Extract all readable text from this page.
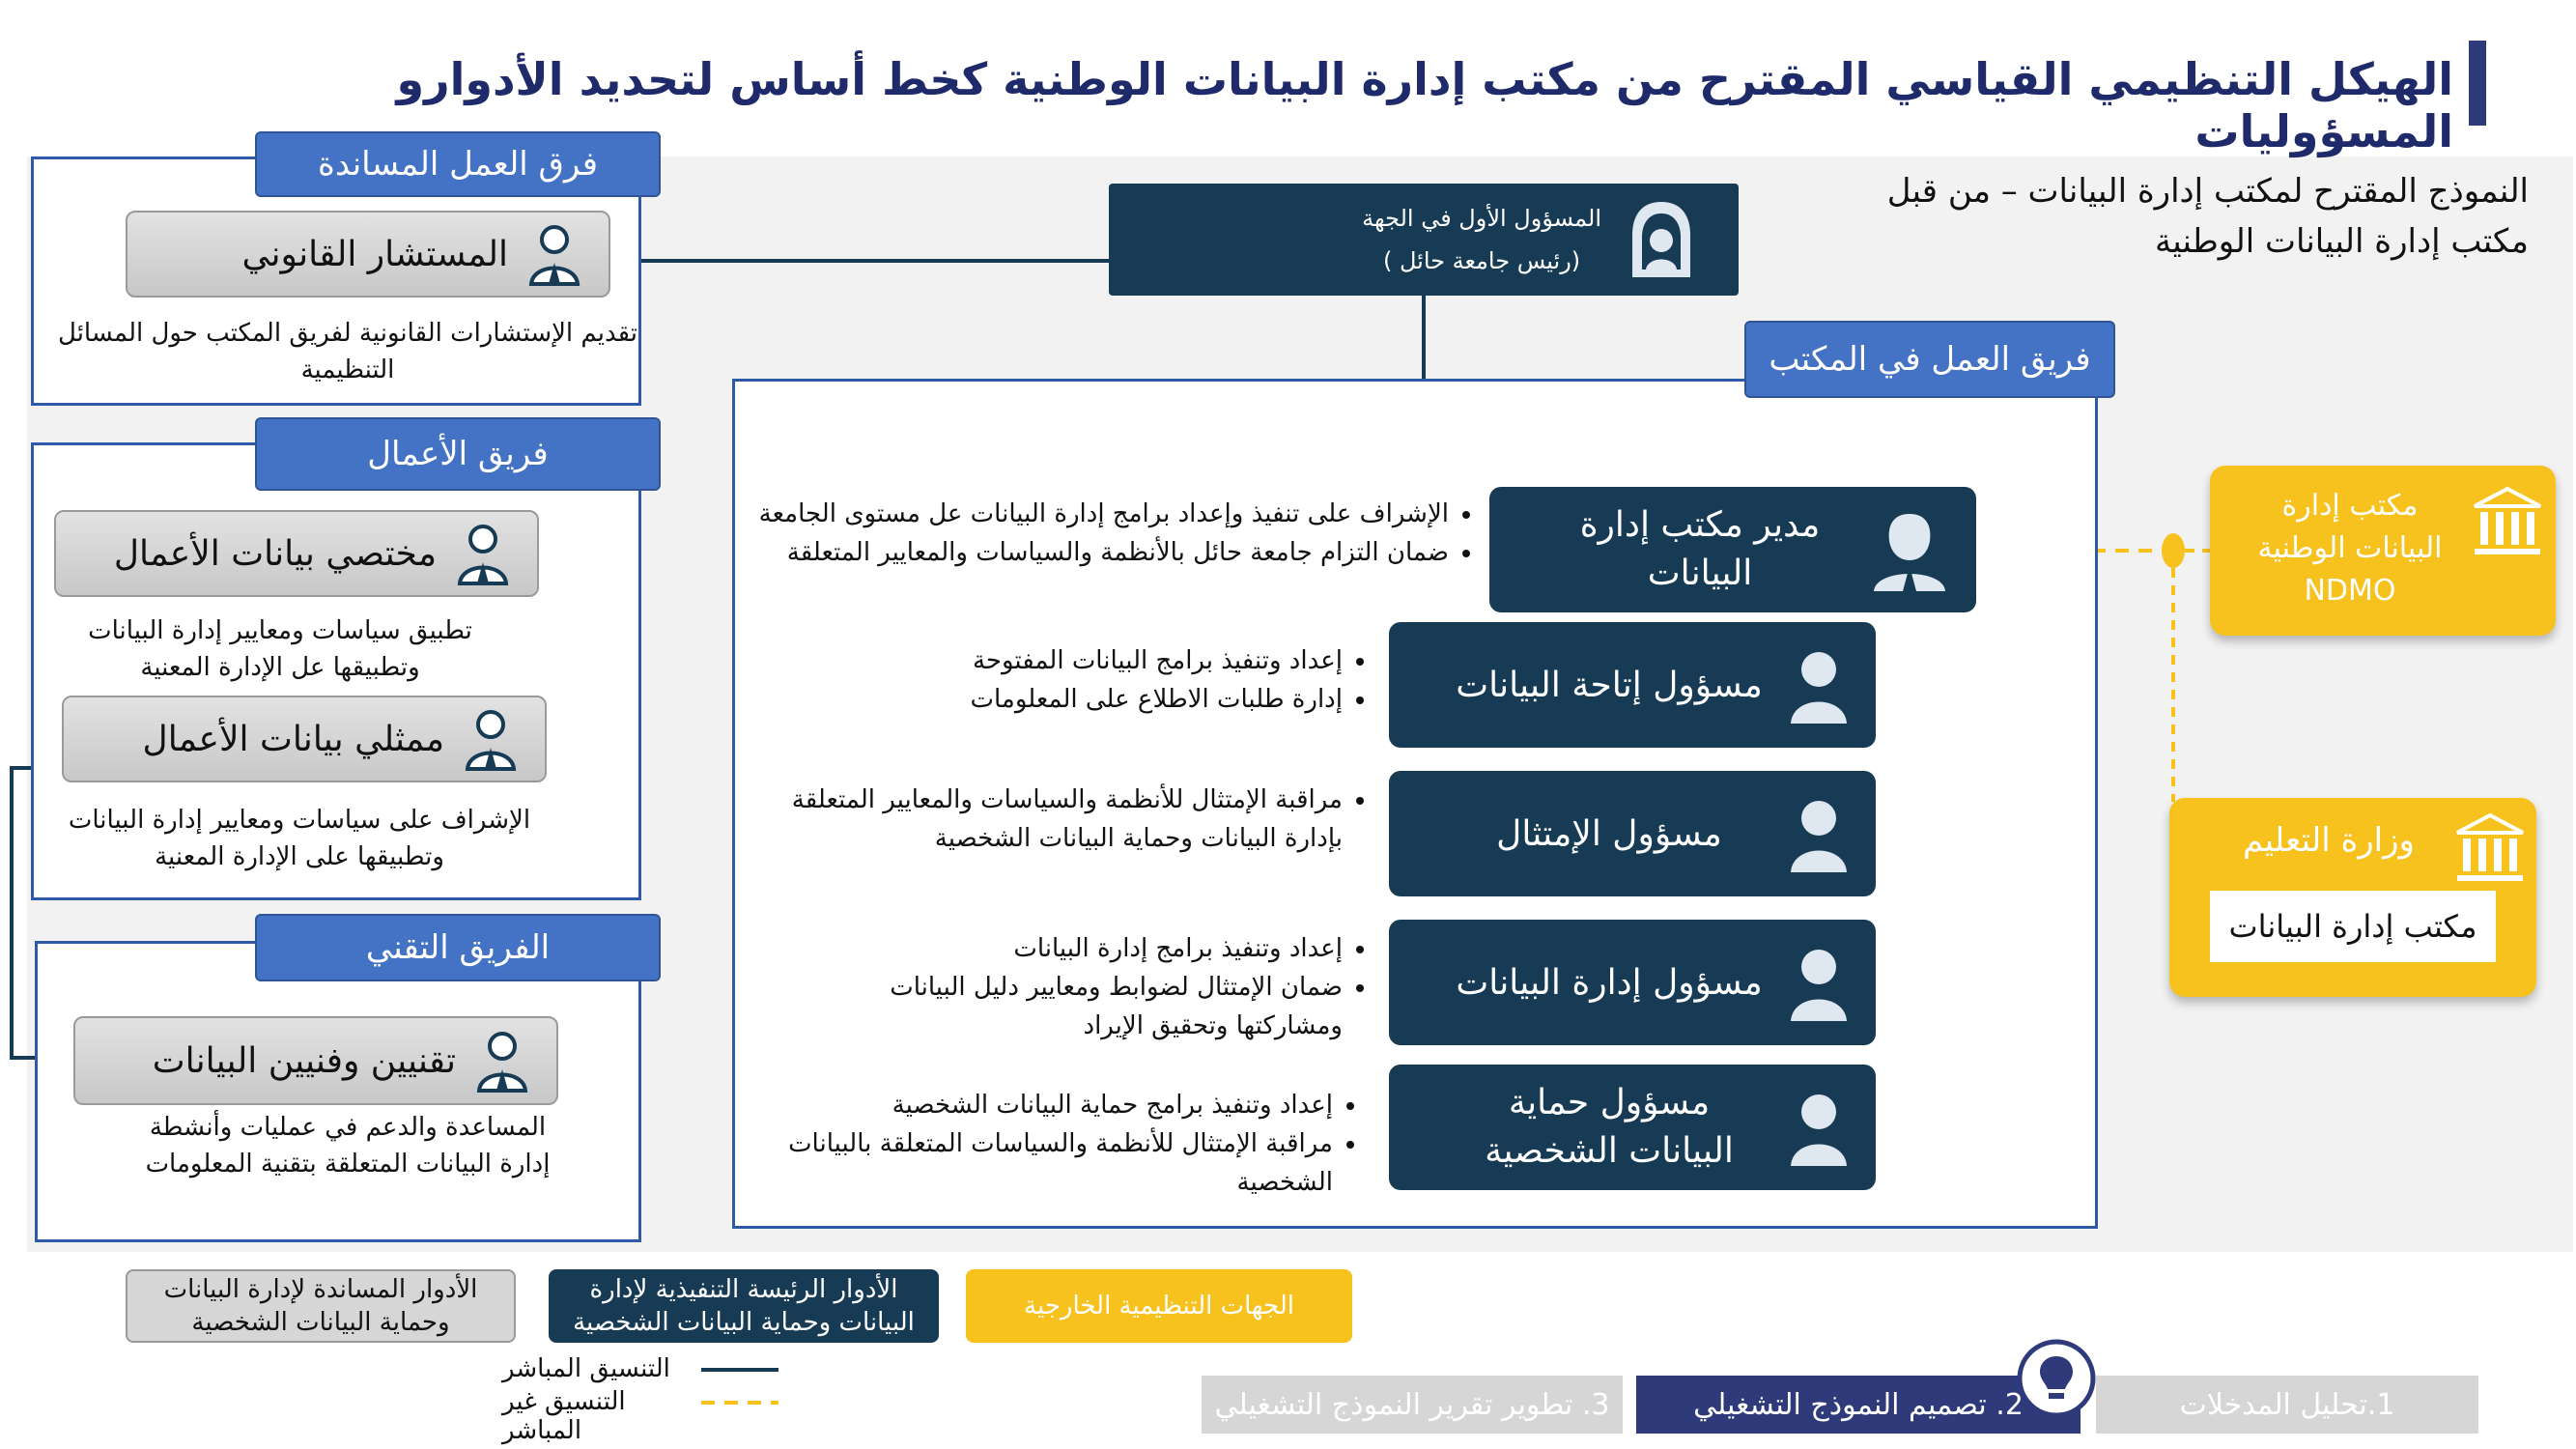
الهيكل التنظيمي القياسي المقترح من مكتب إدارة البيانات الوطنية كخط أساس لتحديد الأدوارو المسؤوليات
النموذج المقترح لمكتب إدارة البيانات – من قبل
مكتب إدارة البيانات الوطنية
المسؤول الأول في الجهة
(رئيس جامعة حائل )
فرق العمل المساندة
المستشار القانوني
تقديم الإستشارات القانونية لفريق المكتب حول المسائل التنظيمية
فريق الأعمال
مختصي بيانات الأعمال
تطبيق سياسات ومعايير إدارة البيانات وتطبيقها عل الإدارة المعنية
ممثلي بيانات الأعمال
الإشراف على سياسات ومعايير إدارة البيانات وتطبيقها على الإدارة المعنية
الفريق التقني
تقنيين وفنيين البيانات
المساعدة والدعم في عمليات وأنشطة إدارة البيانات المتعلقة بتقنية المعلومات
فريق العمل في المكتب
مدير مكتب إدارة البيانات
• الإشراف على تنفيذ وإعداد برامج إدارة البيانات عل مستوى الجامعة
• ضمان التزام جامعة حائل بالأنظمة والسياسات والمعايير المتعلقة
مسؤول إتاحة البيانات
• إعداد وتنفيذ برامج البيانات المفتوحة
• إدارة طلبات الاطلاع على المعلومات
مسؤول الإمتثال
• مراقبة الإمتثال للأنظمة والسياسات والمعايير المتعلقة بإدارة البيانات وحماية البيانات الشخصية
مسؤول إدارة البيانات
• إعداد وتنفيذ برامج إدارة البيانات
• ضمان الإمتثال لضوابط ومعايير دليل البيانات ومشاركتها وتحقيق الإيراد
مسؤول حماية البيانات الشخصية
• إعداد وتنفيذ برامج حماية البيانات الشخصية
• مراقبة الإمتثال للأنظمة والسياسات المتعلقة بالبيانات الشخصية
مكتب إدارة
البيانات الوطنية
NDMO
وزارة التعليم
مكتب إدارة البيانات
الأدوار المساندة لإدارة البيانات وحماية البيانات الشخصية
الأدوار الرئيسة التنفيذية لإدارة البيانات وحماية البيانات الشخصية
الجهات التنظيمية الخارجية
التنسيق المباشر
التنسيق غير المباشر
1.تحليل المدخلات
2. تصميم النموذج التشغيلي
3. تطوير تقرير النموذج التشغيلي
